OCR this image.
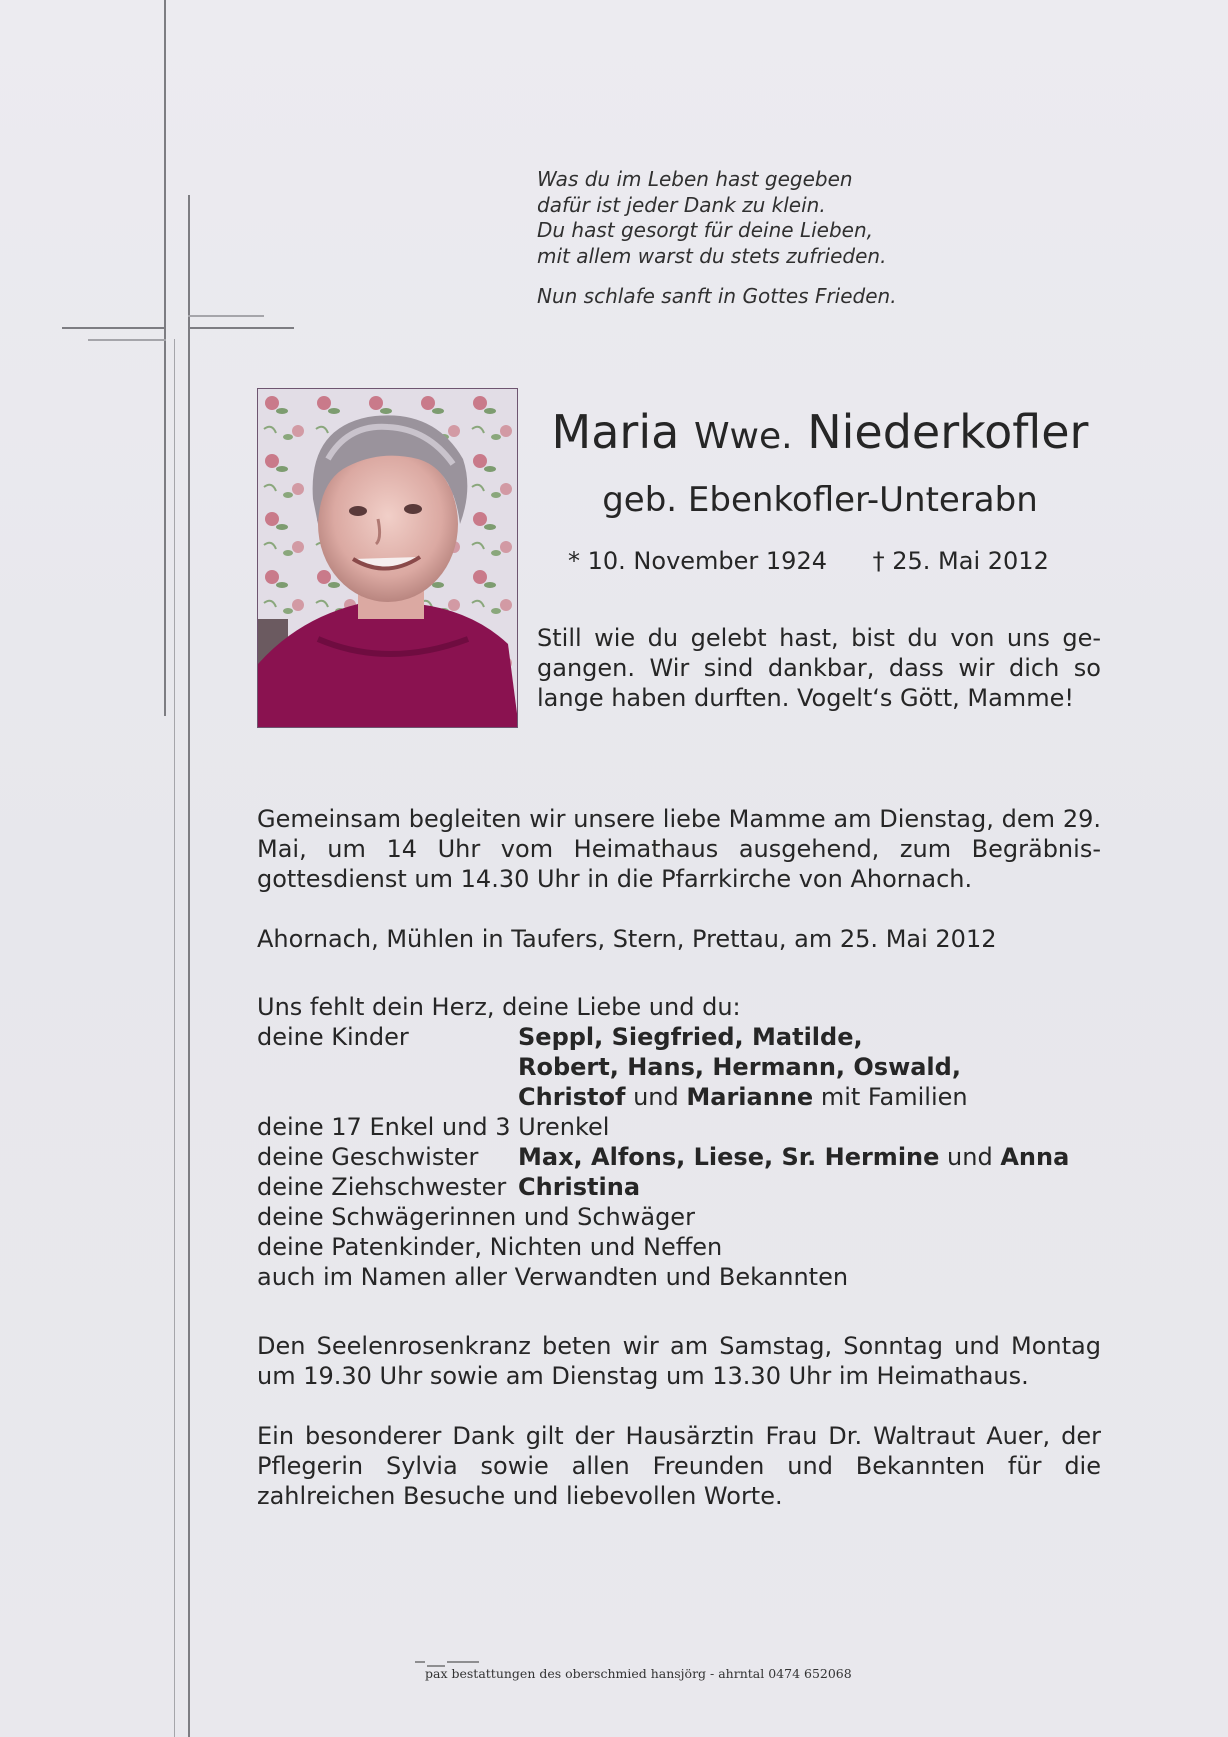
Was du im Leben hast gegeben
dafür ist jeder Dank zu klein.
Du hast gesorgt für deine Lieben,
mit allem warst du stets zufrieden.
Nun schlafe sanft in Gottes Frieden.
Maria Wwe. Niederkofler
geb. Ebenkofler-Unterabn
* 10. November 1924 † 25. Mai 2012

Still wie du gelebt hast, bist du von uns gegangen. Wir sind dankbar, dass wir dich so lange haben durften. Vogelt‘s Gött, Mamme!

Gemeinsam begleiten wir unsere liebe Mamme am Dienstag, dem 29. Mai, um 14 Uhr vom Heimathaus ausgehend, zum Begräbnisgottesdienst um 14.30 Uhr in die Pfarrkirche von Ahornach.

Ahornach, Mühlen in Taufers, Stern, Prettau, am 25. Mai 2012

Uns fehlt dein Herz, deine Liebe und du:
deine Kinder	Seppl, Siegfried, Matilde,
Robert, Hans, Hermann, Oswald,
Christof und Marianne mit Familien
deine 17 Enkel und 3 Urenkel
deine Geschwister Max, Alfons, Liese, Sr. Hermine und Anna
deine Ziehschwester Christina
deine Schwägerinnen und Schwäger
deine Patenkinder, Nichten und Neffen
auch im Namen aller Verwandten und Bekannten

Den Seelenrosenkranz beten wir am Samstag, Sonntag und Montag um 19.30 Uhr sowie am Dienstag um 13.30 Uhr im Heimathaus.

Ein besonderer Dank gilt der Hausärztin Frau Dr. Waltraut Auer, der Pflegerin Sylvia sowie allen Freunden und Bekannten für die zahlreichen Besuche und liebevollen Worte.

pax bestattungen des oberschmied hansjörg - ahrntal 0474 652068
